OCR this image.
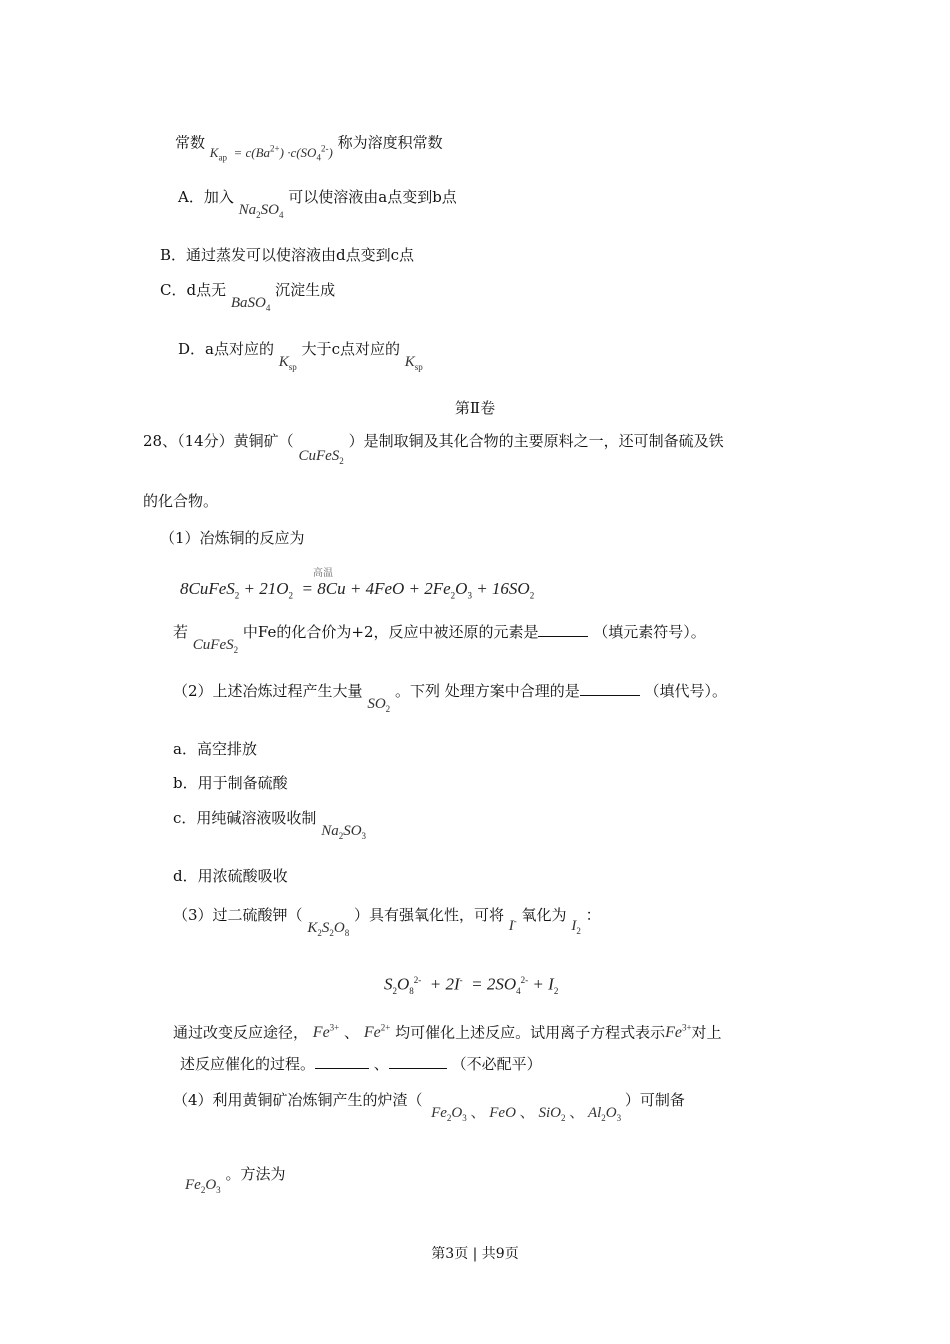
常数 $K_{ap} = c(Ba^{2+}) \cdot c(SO_4^{2-})$ 称为溶度积常数
A．加入 $Na_2SO_4$ 可以使溶液由a点变到b点
B．通过蒸发可以使溶液由d点变到c点
C．d点无 BaSO$_4$ 沉淀生成
D．a点对应的 $K_{sp}$ 大于c点对应的 $K_{sp}$
第Ⅱ卷
28、（14分）黄铜矿（ CuFeS$_2$ ）是制取铜及其化合物的主要原料之一，还可制备硫及铁
的化合物。
（1）冶炼铜的反应为
高温
8CuFeS$_2$ + $21O_2 = 8Cu + 4FeO + 2Fe_2O_3 + 16SO_2$
若 CuFeS$_2$ 中Fe的化合价为+2，反应中被还原的元素是	（填元素符号）。
（2）上述冶炼过程产生大量 $SO_2$ 。下列 处理方案中合理的是	（填代号）。
a．高空排放
b．用于制备硫酸
c．用纯碱溶液吸收制 $Na_2SO_3$
d．用浓硫酸吸收
（3）过二硫酸钾（ $K_2S_2O_8$ ）具有强氧化性，可将 I- 氧化为 $I_2$ ：
$S_2O_8^{2-} + 2I^- = 2SO_4^{2-} + I_2$
通过改变反应途径， $Fe^{3+}$ 、 $Fe^{2+}$ 均可催化上述反应。试用离子方程式表示$Fe^{3+}$对上
述反应催化的过程。	、	（不必配平）
（4）利用黄铜矿冶炼铜产生的炉渣（  $Fe_2O_3$ 、 FeO 、 SiO$_2$ 、 $Al_2O_3$ ）可制备
$Fe_2O_3$ 。方法为
第3页 | 共9页
